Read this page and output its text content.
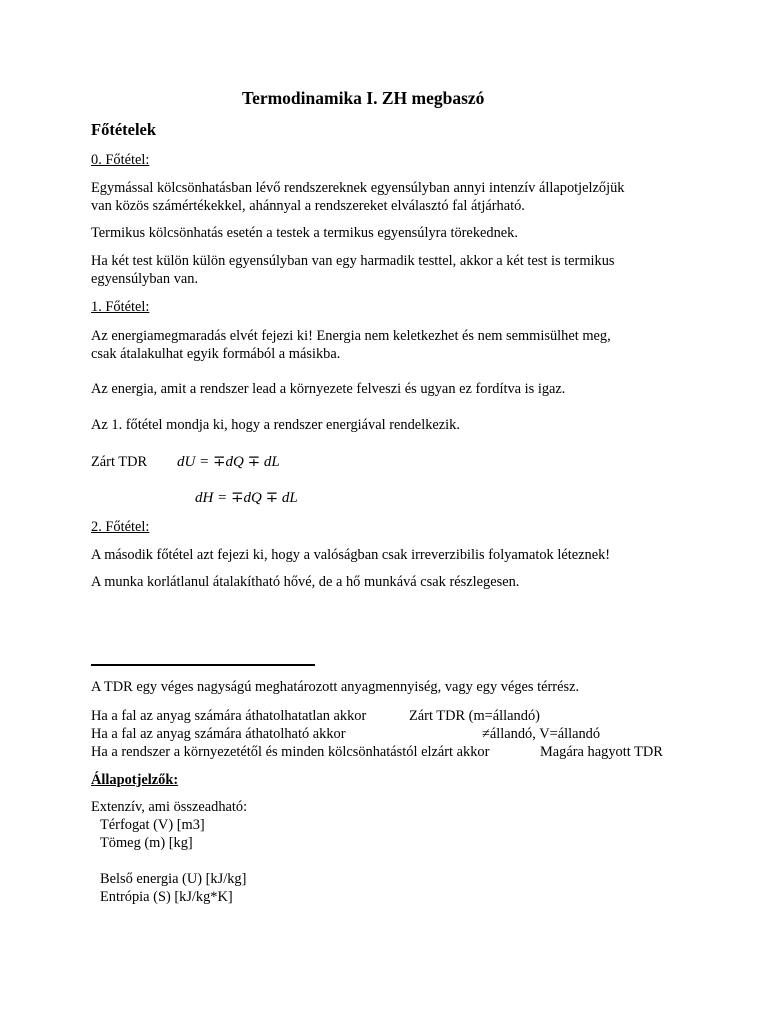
Termodinamika I. ZH megbaszó
Főtételek
0. Főtétel:
Egymással kölcsönhatásban lévő rendszereknek egyensúlyban annyi intenzív állapotjelzőjük
van közös számértékekkel, ahánnyal a rendszereket elválasztó fal átjárható.
Termikus kölcsönhatás esetén a testek a termikus egyensúlyra törekednek.
Ha két test külön külön egyensúlyban van egy harmadik testtel, akkor a két test is termikus
egyensúlyban van.
1. Főtétel:
Az energiamegmaradás elvét fejezi ki! Energia nem keletkezhet és nem semmisülhet meg,
csak átalakulhat egyik formából a másikba.
Az energia, amit a rendszer lead a környezete felveszi és ugyan ez fordítva is igaz.
Az 1. főtétel mondja ki, hogy a rendszer energiával rendelkezik.
Zárt TDR dU = ∓dQ ∓ dL
dH = ∓dQ ∓ dL
2. Főtétel:
A második főtétel azt fejezi ki, hogy a valóságban csak irreverzibilis folyamatok léteznek!
A munka korlátlanul átalakítható hővé, de a hő munkává csak részlegesen.
A TDR egy véges nagyságú meghatározott anyagmennyiség, vagy egy véges térrész.
Ha a fal az anyag számára áthatolhatatlan akkor	Zárt TDR (m=állandó)
Ha a fal az anyag számára áthatolható akkor	≠állandó, V=állandó
Ha a rendszer a környezetétől és minden kölcsönhatástól elzárt akkor	Magára hagyott TDR
Állapotjelzők:
Extenzív, ami összeadható:
Térfogat (V) [m3]
Tömeg (m) [kg]
Belső energia (U) [kJ/kg]
Entrópia (S) [kJ/kg*K]
